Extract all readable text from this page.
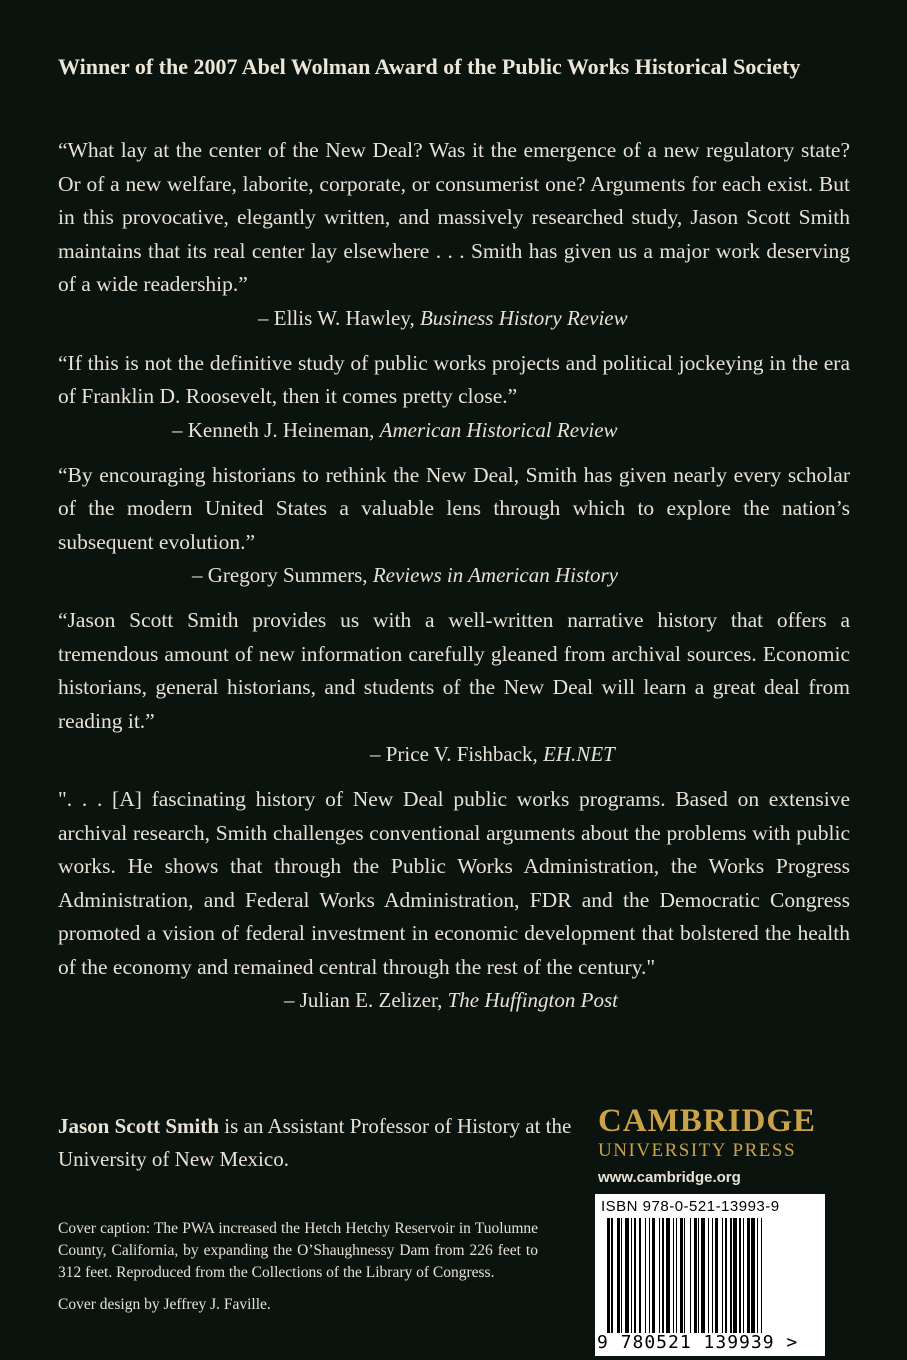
Winner of the 2007 Abel Wolman Award of the Public Works Historical Society

“What lay at the center of the New Deal? Was it the emergence of a new regulatory state? Or of a new welfare, laborite, corporate, or consumerist one? Arguments for each exist. But in this provocative, elegantly written, and massively researched study, Jason Scott Smith maintains that its real center lay elsewhere . . . Smith has given us a major work deserving of a wide readership.”

– Ellis W. Hawley, Business History Review

“If this is not the definitive study of public works projects and political jockeying in the era of Franklin D. Roosevelt, then it comes pretty close.”

– Kenneth J. Heineman, American Historical Review

“By encouraging historians to rethink the New Deal, Smith has given nearly every scholar of the modern United States a valuable lens through which to explore the nation’s subsequent evolution.”

– Gregory Summers, Reviews in American History

“Jason Scott Smith provides us with a well-written narrative history that offers a tremendous amount of new information carefully gleaned from archival sources. Economic historians, general historians, and students of the New Deal will learn a great deal from reading it.”

– Price V. Fishback, EH.NET

". . . [A] fascinating history of New Deal public works programs. Based on extensive archival research, Smith challenges conventional arguments about the problems with public works. He shows that through the Public Works Administration, the Works Progress Administration, and Federal Works Administration, FDR and the Democratic Congress promoted a vision of federal investment in economic development that bolstered the health of the economy and remained central through the rest of the century."

– Julian E. Zelizer, The Huffington Post

Jason Scott Smith is an Assistant Professor of History at the University of New Mexico.
Cover caption: The PWA increased the Hetch Hetchy Reservoir in Tuolumne County, California, by expanding the O’Shaughnessy Dam from 226 feet to 312 feet. Reproduced from the Collections of the Library of Congress.
Cover design by Jeffrey J. Faville.
CAMBRIDGE
UNIVERSITY PRESS
www.cambridge.org
ISBN 978-0-521-13993-9
9 780521 139939 >
